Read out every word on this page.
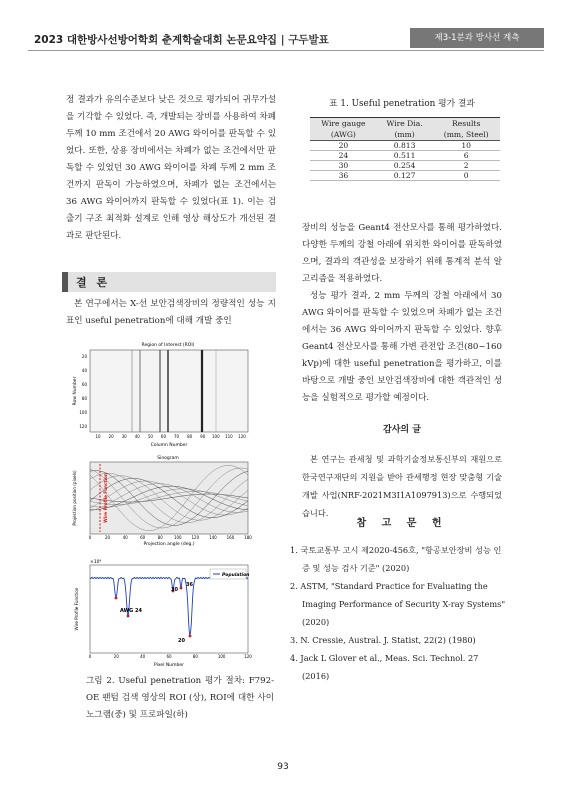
2023 대한방사선방어학회 춘계학술대회 논문요약집 | 구두발표	제3-1분과 방사선 계측

정 결과가 유의수준보다 낮은 것으로 평가되어 귀무가설을 기각할 수 있었다. 즉, 개발되는 장비를 사용하여 차폐 두께 10 mm 조건에서 20 AWG 와이어를 판독할 수 있었다. 또한, 상용 장비에서는 차폐가 없는 조건에서만 판독할 수 있었던 30 AWG 와이어를 차폐 두께 2 mm 조건까지 판독이 가능하였으며, 차폐가 없는 조건에서는 36 AWG 와이어까지 판독할 수 있었다(표 1). 이는 검출기 구조 최적화 설계로 인해 영상 해상도가 개선된 결과로 판단된다.

결 론

본 연구에서는 X-선 보안검색장비의 정량적인 성능 지표인 useful penetration에 대해 개발 중인

Region of Interest (ROI)
10 20 30 40 50 60 70 80 90 100 110 120
20
40
60
80
100
120
Column Number
Row Number
Sinogram
Wire Profile Function
0	20	40	60	80	100 120 140 160 180
Projection angle (deg.)
Projection position (pixels)
×10⁴
Population
30
36
AWG 24
20
0	20	40	60	80	100	120
Pixel Number
Wire Profile Function
그림 2. Useful penetration 평가 절차: F792-OE 팬텀 검색 영상의 ROI (상), ROI에 대한 사이노그램(중) 및 프로파일(하)
표 1. Useful penetration 평가 결과
Wire gauge	Wire Dia.	Results
(AWG)	(mm)	(mm, Steel)
20	0.813	10
24	0.511	6
30	0.254	2
36	0.127	0

장비의 성능을 Geant4 전산모사를 통해 평가하였다. 다양한 두께의 강철 아래에 위치한 와이어를 판독하였으며, 결과의 객관성을 보장하기 위해 통계적 분석 알고리즘을 적용하였다.

성능 평가 결과, 2 mm 두께의 강철 아래에서 30 AWG 와이어를 판독할 수 있었으며 차폐가 없는 조건에서는 36 AWG 와이어까지 판독할 수 있었다. 향후 Geant4 전산모사를 통해 가변 관전압 조건(80~160 kVp)에 대한 useful penetration을 평가하고, 이를 바탕으로 개발 중인 보안검색장비에 대한 객관적인 성능을 실험적으로 평가할 예정이다.

감사의 글

본 연구는 관세청 및 과학기술정보통신부의 재원으로 한국연구재단의 지원을 받아 관세행정 현장 맞춤형 기술개발 사업(NRF-2021M3I1A1097913)으로 수행되었습니다.

참 고 문 헌
1. 국토교통부 고시 제2020-456호, "항공보안장비 성능 인증 및 성능 검사 기준" (2020)
2. ASTM, "Standard Practice for Evaluating the Imaging Performance of Security X-ray Systems" (2020)
3. N. Cressie, Austral. J. Statist, 22(2) (1980)
4. Jack L Glover et al., Meas. Sci. Technol. 27 (2016)
93
